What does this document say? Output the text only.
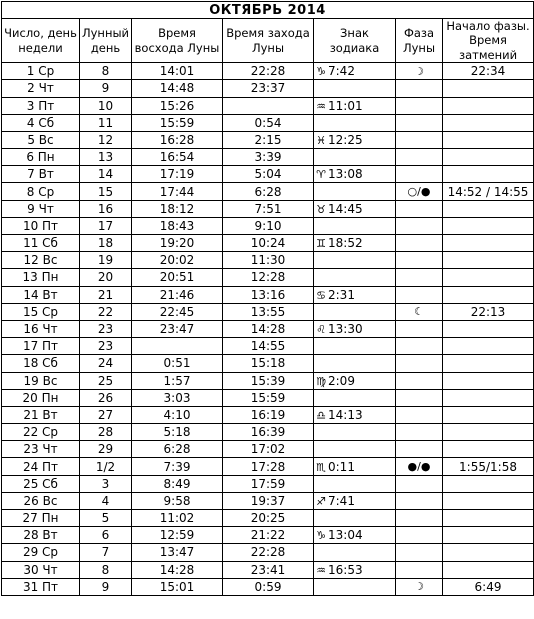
ОКТЯБРЬ 2014						
Число, день недели	Лунный день	Время восхода Луны	Время захода Луны	Знак зодиака	Фаза Луны	Начало фазы. Время затмений
1 Ср	8	14:01	22:28	♑ 7:42	☽	22:34
2 Чт	9	14:48	23:37			
3 Пт	10	15:26		♒ 11:01		
4 Сб	11	15:59	0:54			
5 Вс	12	16:28	2:15	♓ 12:25		
6 Пн	13	16:54	3:39			
7 Вт	14	17:19	5:04	♈ 13:08		
8 Ср	15	17:44	6:28		○/●	14:52 / 14:55
9 Чт	16	18:12	7:51	♉ 14:45		
10 Пт	17	18:43	9:10			
11 Сб	18	19:20	10:24	♊ 18:52		
12 Вс	19	20:02	11:30			
13 Пн	20	20:51	12:28			
14 Вт	21	21:46	13:16	♋ 2:31		
15 Ср	22	22:45	13:55		☾	22:13
16 Чт	23	23:47	14:28	♌ 13:30		
17 Пт	23		14:55			
18 Сб	24	0:51	15:18			
19 Вс	25	1:57	15:39	♍ 2:09		
20 Пн	26	3:03	15:59			
21 Вт	27	4:10	16:19	♎ 14:13		
22 Ср	28	5:18	16:39			
23 Чт	29	6:28	17:02			
24 Пт	1/2	7:39	17:28	♏ 0:11	●/●	1:55/1:58
25 Сб	3	8:49	17:59			
26 Вс	4	9:58	19:37	♐ 7:41		
27 Пн	5	11:02	20:25			
28 Вт	6	12:59	21:22	♑ 13:04		
29 Ср	7	13:47	22:28			
30 Чт	8	14:28	23:41	♒ 16:53		
31 Пт	9	15:01	0:59		☽	6:49
